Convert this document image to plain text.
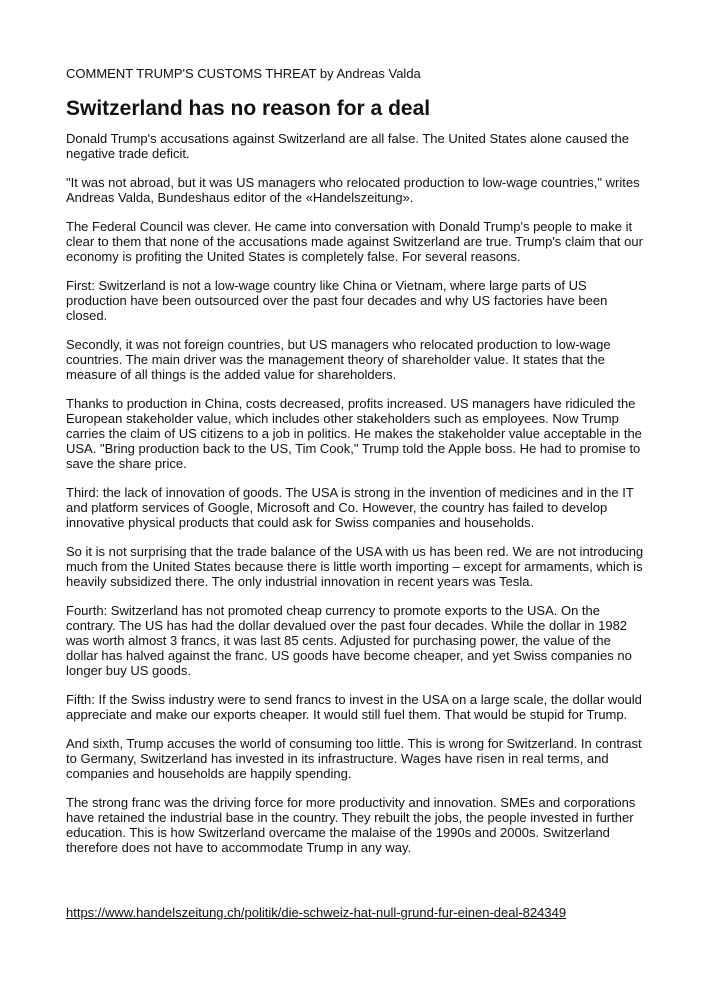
COMMENT TRUMP'S CUSTOMS THREAT by Andreas Valda
Switzerland has no reason for a deal

Donald Trump's accusations against Switzerland are all false. The United States alone caused the negative trade deficit.

"It was not abroad, but it was US managers who relocated production to low-wage countries," writes Andreas Valda, Bundeshaus editor of the «Handelszeitung».

The Federal Council was clever. He came into conversation with Donald Trump's people to make it clear to them that none of the accusations made against Switzerland are true. Trump's claim that our economy is profiting the United States is completely false. For several reasons.

First: Switzerland is not a low-wage country like China or Vietnam, where large parts of US production have been outsourced over the past four decades and why US factories have been closed.

Secondly, it was not foreign countries, but US managers who relocated production to low-wage countries. The main driver was the management theory of shareholder value. It states that the measure of all things is the added value for shareholders.

Thanks to production in China, costs decreased, profits increased. US managers have ridiculed the European stakeholder value, which includes other stakeholders such as employees. Now Trump carries the claim of US citizens to a job in politics. He makes the stakeholder value acceptable in the USA. "Bring production back to the US, Tim Cook," Trump told the Apple boss. He had to promise to save the share price.

Third: the lack of innovation of goods. The USA is strong in the invention of medicines and in the IT and platform services of Google, Microsoft and Co. However, the country has failed to develop innovative physical products that could ask for Swiss companies and households.

So it is not surprising that the trade balance of the USA with us has been red. We are not introducing much from the United States because there is little worth importing – except for armaments, which is heavily subsidized there. The only industrial innovation in recent years was Tesla.

Fourth: Switzerland has not promoted cheap currency to promote exports to the USA. On the contrary. The US has had the dollar devalued over the past four decades. While the dollar in 1982 was worth almost 3 francs, it was last 85 cents. Adjusted for purchasing power, the value of the dollar has halved against the franc. US goods have become cheaper, and yet Swiss companies no longer buy US goods.

Fifth: If the Swiss industry were to send francs to invest in the USA on a large scale, the dollar would appreciate and make our exports cheaper. It would still fuel them. That would be stupid for Trump.

And sixth, Trump accuses the world of consuming too little. This is wrong for Switzerland. In contrast to Germany, Switzerland has invested in its infrastructure. Wages have risen in real terms, and companies and households are happily spending.

The strong franc was the driving force for more productivity and innovation. SMEs and corporations have retained the industrial base in the country. They rebuilt the jobs, the people invested in further education. This is how Switzerland overcame the malaise of the 1990s and 2000s. Switzerland therefore does not have to accommodate Trump in any way.

https://www.handelszeitung.ch/politik/die-schweiz-hat-null-grund-fur-einen-deal-824349
